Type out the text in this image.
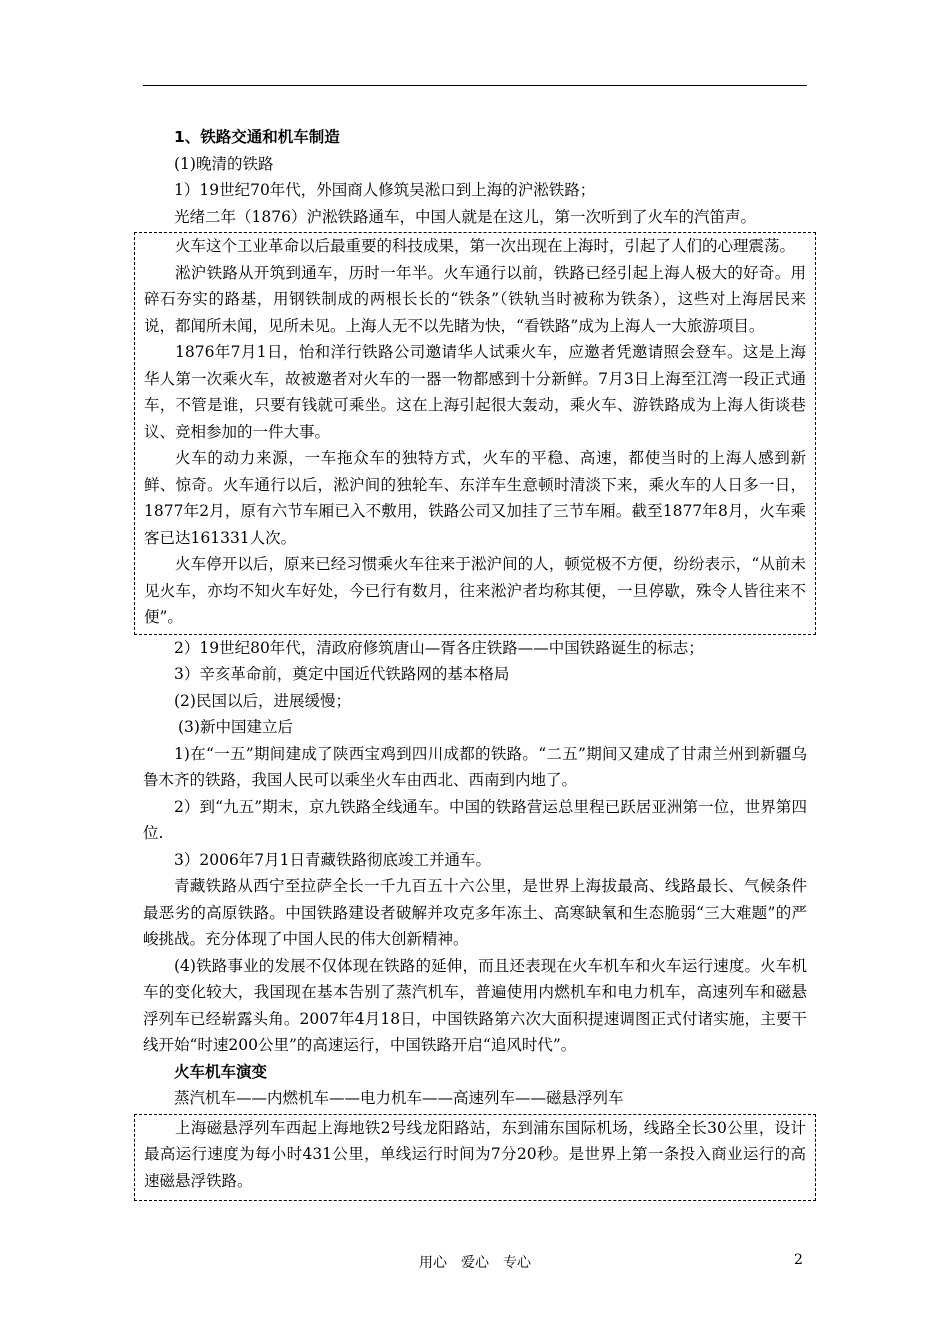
1、铁路交通和机车制造

(1)晚清的铁路

1）19世纪70年代，外国商人修筑吴淞口到上海的沪淞铁路；

光绪二年（1876）沪淞铁路通车，中国人就是在这儿，第一次听到了火车的汽笛声。

火车这个工业革命以后最重要的科技成果，第一次出现在上海时，引起了人们的心理震荡。

淞沪铁路从开筑到通车，历时一年半。火车通行以前，铁路已经引起上海人极大的好奇。用碎石夯实的路基，用钢铁制成的两根长长的“铁条”（铁轨当时被称为铁条），这些对上海居民来说，都闻所未闻，见所未见。上海人无不以先睹为快，“看铁路”成为上海人一大旅游项目。

1876年7月1日，怡和洋行铁路公司邀请华人试乘火车，应邀者凭邀请照会登车。这是上海华人第一次乘火车，故被邀者对火车的一器一物都感到十分新鲜。7月3日上海至江湾一段正式通车，不管是谁，只要有钱就可乘坐。这在上海引起很大轰动，乘火车、游铁路成为上海人街谈巷议、竞相参加的一件大事。

火车的动力来源，一车拖众车的独特方式，火车的平稳、高速，都使当时的上海人感到新鲜、惊奇。火车通行以后，淞沪间的独轮车、东洋车生意顿时清淡下来，乘火车的人日多一日，1877年2月，原有六节车厢已入不敷用，铁路公司又加挂了三节车厢。截至1877年8月，火车乘客已达161331人次。

火车停开以后，原来已经习惯乘火车往来于淞沪间的人，顿觉极不方便，纷纷表示，“从前未见火车，亦均不知火车好处，今已行有数月，往来淞沪者均称其便，一旦停歇，殊令人皆往来不便”。

2）19世纪80年代，清政府修筑唐山—胥各庄铁路——中国铁路诞生的标志；

3）辛亥革命前，奠定中国近代铁路网的基本格局

(2)民国以后，进展缓慢；

(3)新中国建立后

1)在“一五”期间建成了陕西宝鸡到四川成都的铁路。“二五”期间又建成了甘肃兰州到新疆乌鲁木齐的铁路，我国人民可以乘坐火车由西北、西南到内地了。

2）到“九五”期末，京九铁路全线通车。中国的铁路营运总里程已跃居亚洲第一位，世界第四位.

3）2006年7月1日青藏铁路彻底竣工并通车。

青藏铁路从西宁至拉萨全长一千九百五十六公里，是世界上海拔最高、线路最长、气候条件最恶劣的高原铁路。中国铁路建设者破解并攻克多年冻土、高寒缺氧和生态脆弱“三大难题”的严峻挑战。充分体现了中国人民的伟大创新精神。

(4)铁路事业的发展不仅体现在铁路的延伸，而且还表现在火车机车和火车运行速度。火车机车的变化较大，我国现在基本告别了蒸汽机车，普遍使用内燃机车和电力机车，高速列车和磁悬浮列车已经崭露头角。2007年4月18日，中国铁路第六次大面积提速调图正式付诸实施，主要干线开始“时速200公里”的高速运行，中国铁路开启“追风时代”。

火车机车演变

蒸汽机车——内燃机车——电力机车——高速列车——磁悬浮列车

上海磁悬浮列车西起上海地铁2号线龙阳路站，东到浦东国际机场，线路全长30公里，设计最高运行速度为每小时431公里，单线运行时间为7分20秒。是世界上第一条投入商业运行的高速磁悬浮铁路。

用心　爱心　专心	2
